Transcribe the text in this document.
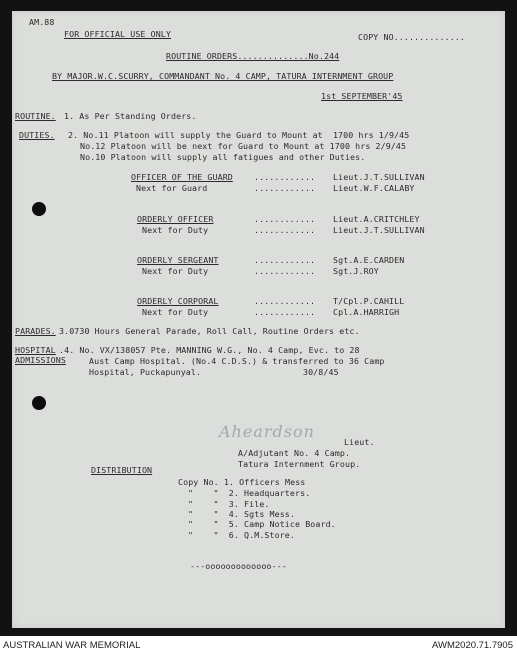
AM.88
FOR OFFICIAL USE ONLY	COPY NO..............
ROUTINE ORDERS..............No.244
BY MAJOR.W.C.SCURRY, COMMANDANT No. 4 CAMP, TATURA INTERNMENT GROUP
1st SEPTEMBER'45
ROUTINE. 1. As Per Standing Orders.
DUTIES. 2. No.11 Platoon will supply the Guard to Mount at  1700 hrs 1/9/45
No.12 Platoon will be next for Guard to Mount at 1700 hrs 2/9/45
No.10 Platoon will supply all fatigues and other Duties.
OFFICER OF THE GUARD	............ Lieut.J.T.SULLIVAN
Next for Guard	............ Lieut.W.F.CALABY
ORDERLY OFFICER	............ Lieut.A.CRITCHLEY
Next for Duty	............ Lieut.J.T.SULLIVAN
ORDERLY SERGEANT	............ Sgt.A.E.CARDEN
Next for Duty	............ Sgt.J.ROY
ORDERLY CORPORAL	............ T/Cpl.P.CAHILL
Next for Duty	............ Cpl.A.HARRIGH
PARADES. 3.0730 Hours General Parade, Roll Call, Routine Orders etc.
HOSPITAL
ADMISSIONS
.4. No. VX/138057 Pte. MANNING W.G., No. 4 Camp, Evc. to 28
Aust Camp Hospital. (No.4 C.D.S.) & transferred to 36 Camp
Hospital, Puckapunyal.                    30/8/45
Aheardson
Lieut.
A/Adjutant No. 4 Camp.
Tatura Internment Group.
DISTRIBUTION
Copy No. 1. Officers Mess
"    "  2. Headquarters.
"    "  3. File.
"    "  4. Sgts Mess.
"    "  5. Camp Notice Board.
"    "  6. Q.M.Store.
---ooooooooooooo---
AUSTRALIAN WAR MEMORIAL	AWM2020.71.7905
